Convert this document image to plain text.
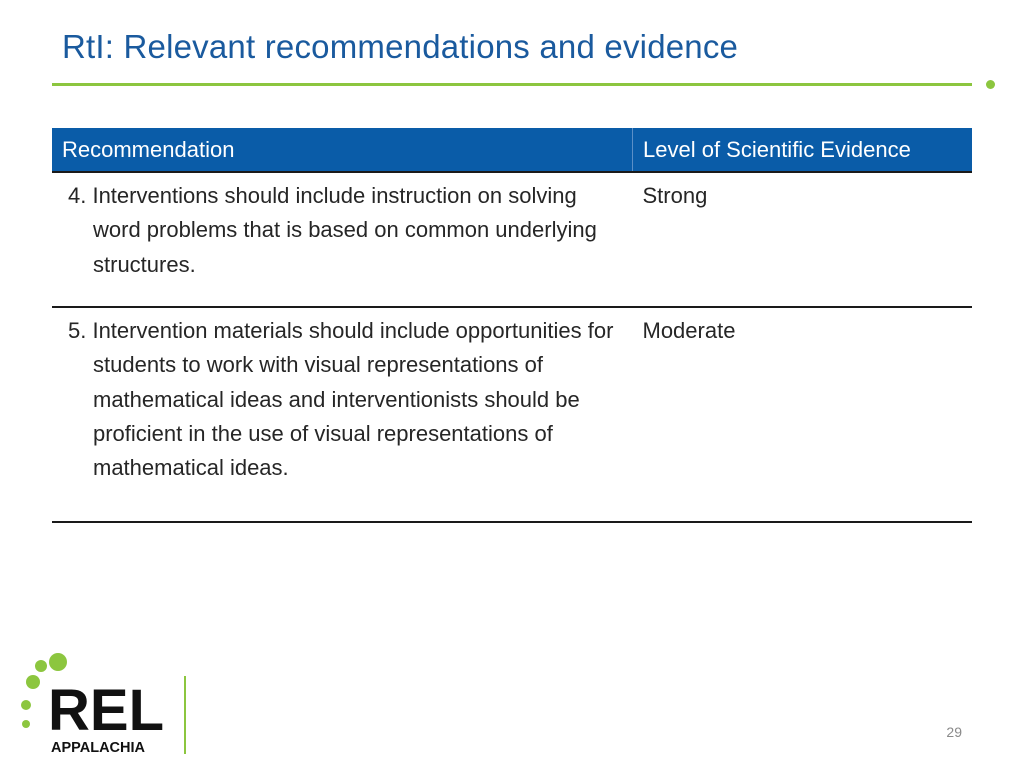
RtI: Relevant recommendations and evidence
Recommendation	Level of Scientific Evidence
4. Interventions should include instruction on solving word problems that is based on common underlying structures.	Strong
5. Intervention materials should include opportunities for students to work with visual representations of mathematical ideas and interventionists should be proficient in the use of visual representations of mathematical ideas.	Moderate
REL
APPALACHIA
29
